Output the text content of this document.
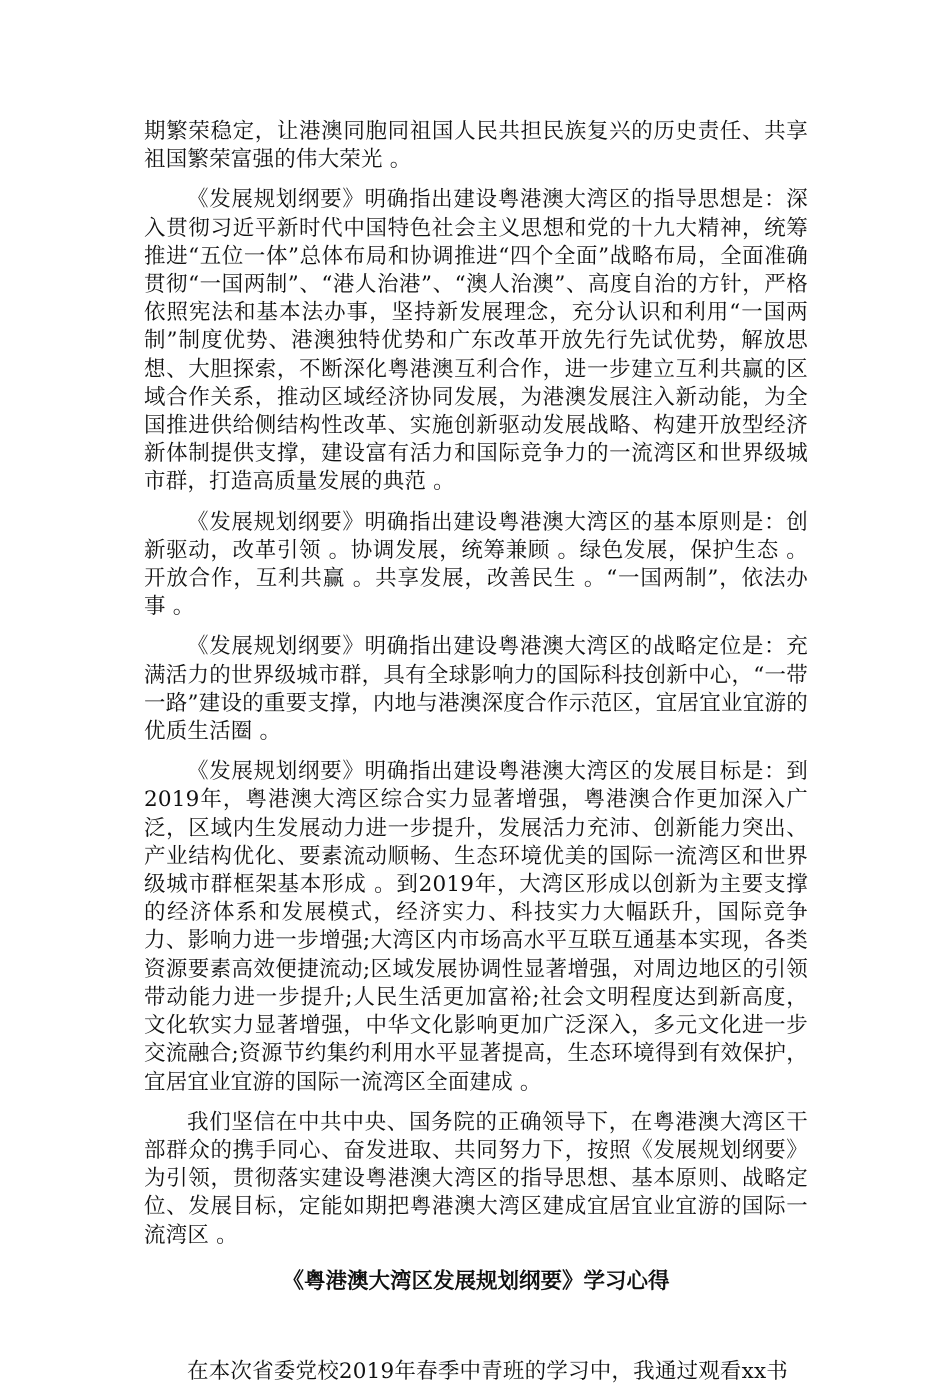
期繁荣稳定，让港澳同胞同祖国人民共担民族复兴的历史责任、共享祖国繁荣富强的伟大荣光 。

《发展规划纲要》明确指出建设粤港澳大湾区的指导思想是：深入贯彻习近平新时代中国特色社会主义思想和党的十九大精神，统筹推进“五位一体”总体布局和协调推进“四个全面”战略布局，全面准确贯彻“一国两制”、“港人治港”、“澳人治澳”、高度自治的方针，严格依照宪法和基本法办事，坚持新发展理念，充分认识和利用“一国两制”制度优势、港澳独特优势和广东改革开放先行先试优势，解放思想、大胆探索，不断深化粤港澳互利合作，进一步建立互利共赢的区域合作关系，推动区域经济协同发展，为港澳发展注入新动能，为全国推进供给侧结构性改革、实施创新驱动发展战略、构建开放型经济新体制提供支撑，建设富有活力和国际竞争力的一流湾区和世界级城市群，打造高质量发展的典范 。

《发展规划纲要》明确指出建设粤港澳大湾区的基本原则是：创新驱动，改革引领 。协调发展，统筹兼顾 。绿色发展，保护生态 。开放合作，互利共赢 。共享发展，改善民生 。“一国两制”，依法办事 。

《发展规划纲要》明确指出建设粤港澳大湾区的战略定位是：充满活力的世界级城市群，具有全球影响力的国际科技创新中心，“一带一路”建设的重要支撑，内地与港澳深度合作示范区，宜居宜业宜游的优质生活圈 。

《发展规划纲要》明确指出建设粤港澳大湾区的发展目标是：到2019年，粤港澳大湾区综合实力显著增强，粤港澳合作更加深入广泛，区域内生发展动力进一步提升，发展活力充沛、创新能力突出、产业结构优化、要素流动顺畅、生态环境优美的国际一流湾区和世界级城市群框架基本形成 。到2019年，大湾区形成以创新为主要支撑的经济体系和发展模式，经济实力、科技实力大幅跃升，国际竞争力、影响力进一步增强;大湾区内市场高水平互联互通基本实现，各类资源要素高效便捷流动;区域发展协调性显著增强，对周边地区的引领带动能力进一步提升;人民生活更加富裕;社会文明程度达到新高度，文化软实力显著增强，中华文化影响更加广泛深入，多元文化进一步交流融合;资源节约集约利用水平显著提高，生态环境得到有效保护，宜居宜业宜游的国际一流湾区全面建成 。

我们坚信在中共中央、国务院的正确领导下，在粤港澳大湾区干部群众的携手同心、奋发进取、共同努力下，按照《发展规划纲要》为引领，贯彻落实建设粤港澳大湾区的指导思想、基本原则、战略定位、发展目标，定能如期把粤港澳大湾区建成宜居宜业宜游的国际一流湾区 。

《粤港澳大湾区发展规划纲要》学习心得

在本次省委党校2019年春季中青班的学习中，我通过观看xx书
